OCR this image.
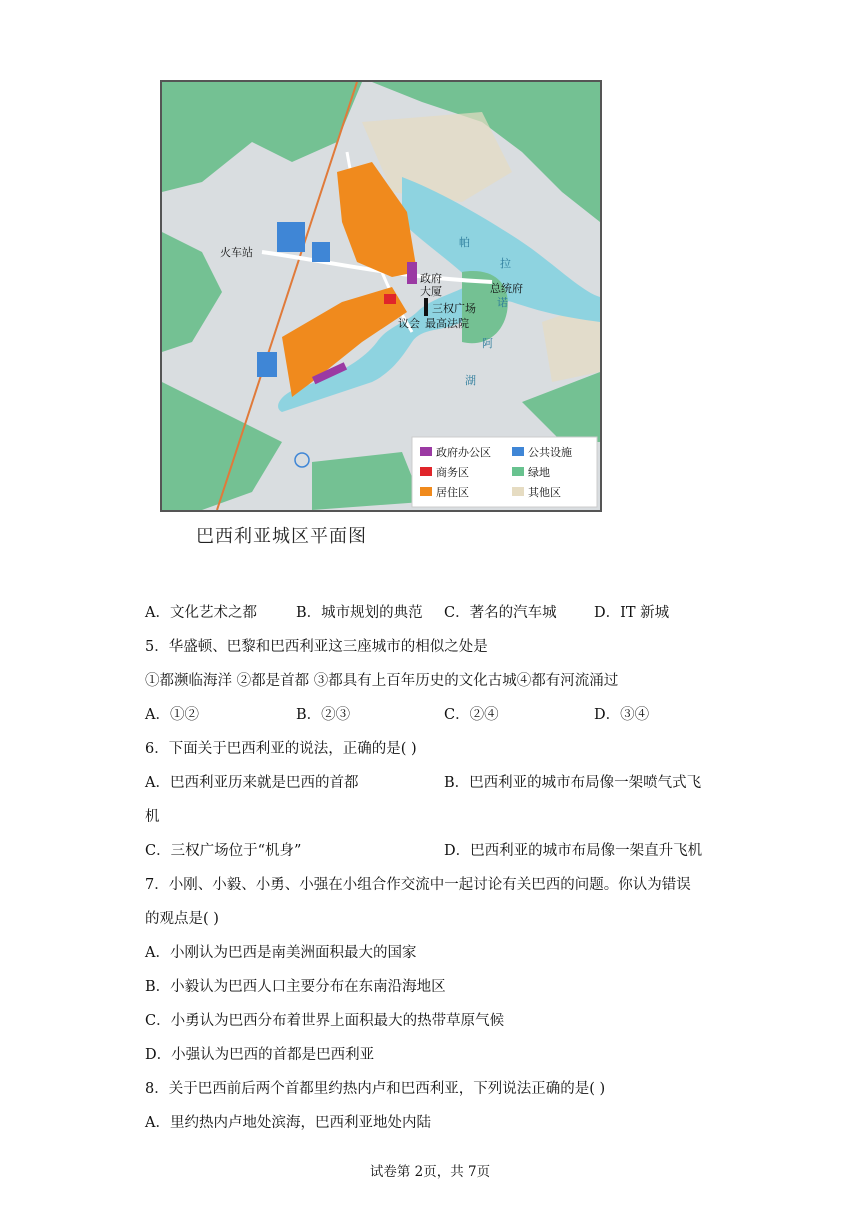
火车站
政府
大厦
三权广场
议会 最高法院
总统府
帕
拉
诺
阿
湖
政府办公区	公共设施
商务区	绿地
居住区	其他区
巴西利亚城区平面图
A．文化艺术之都	B．城市规划的典范 C．著名的汽车城	D．IT 新城
5．华盛顿、巴黎和巴西利亚这三座城市的相似之处是
①都濒临海洋 ②都是首都 ③都具有上百年历史的文化古城④都有河流涌过
A．①②	B．②③	C．②④	D．③④
6．下面关于巴西利亚的说法，正确的是( )
A．巴西利亚历来就是巴西的首都	B．巴西利亚的城市布局像一架喷气式飞
机
C．三权广场位于“机身”	D．巴西利亚的城市布局像一架直升飞机
7．小刚、小毅、小勇、小强在小组合作交流中一起讨论有关巴西的问题。你认为错误
的观点是( )
A．小刚认为巴西是南美洲面积最大的国家
B．小毅认为巴西人口主要分布在东南沿海地区
C．小勇认为巴西分布着世界上面积最大的热带草原气候
D．小强认为巴西的首都是巴西利亚
8．关于巴西前后两个首都里约热内卢和巴西利亚，下列说法正确的是( )
A．里约热内卢地处滨海，巴西利亚地处内陆
试卷第 2页，共 7页
